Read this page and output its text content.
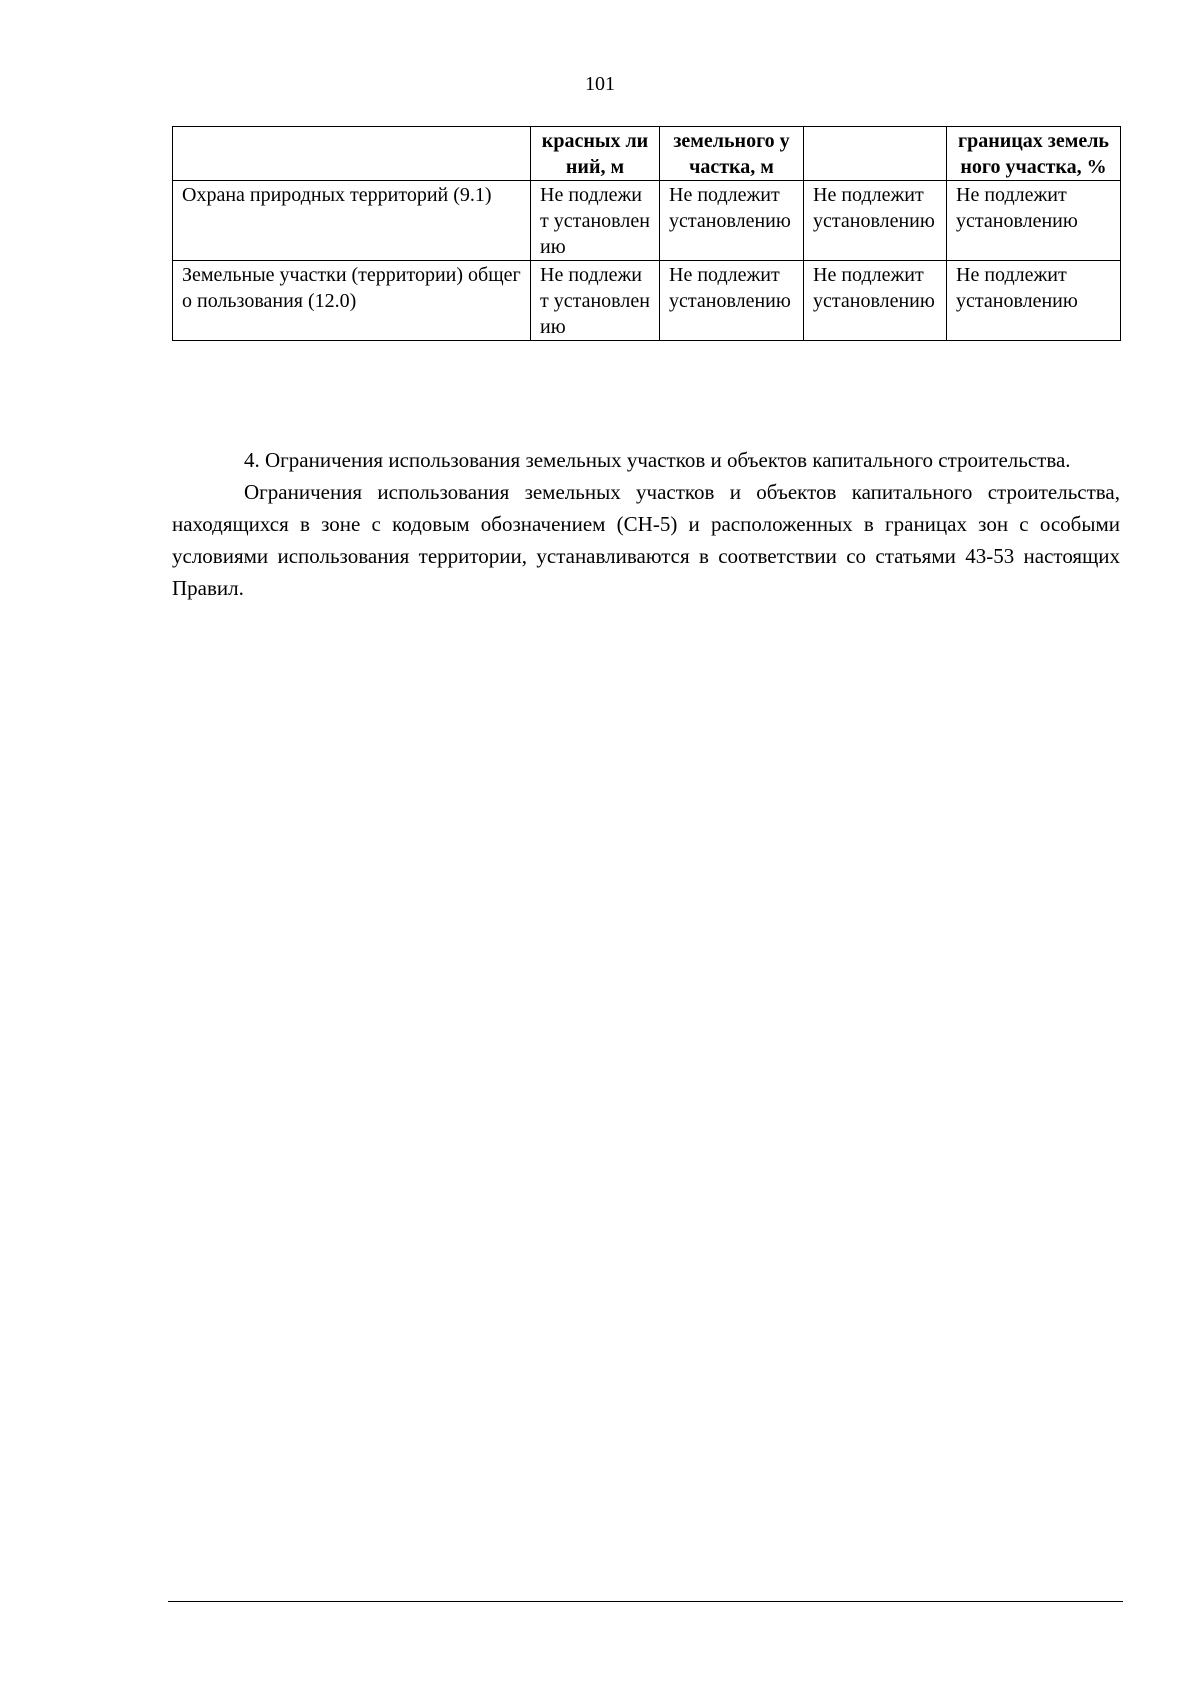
101
	красных линий, м	земельного участка, м		границах земельного участка, %
Охрана природных территорий (9.1)	Не подлежит установлению	Не подлежит установлению	Не подлежит установлению	Не подлежит установлению
Земельные участки (территории) общего пользования (12.0)	Не подлежит установлению	Не подлежит установлению	Не подлежит установлению	Не подлежит установлению

4. Ограничения использования земельных участков и объектов капитального строительства.

Ограничения использования земельных участков и объектов капитального строительства, находящихся в зоне с кодовым обозначением (СН-5) и расположенных в границах зон с особыми условиями использования территории, устанавливаются в соответствии со статьями 43-53 настоящих Правил.
